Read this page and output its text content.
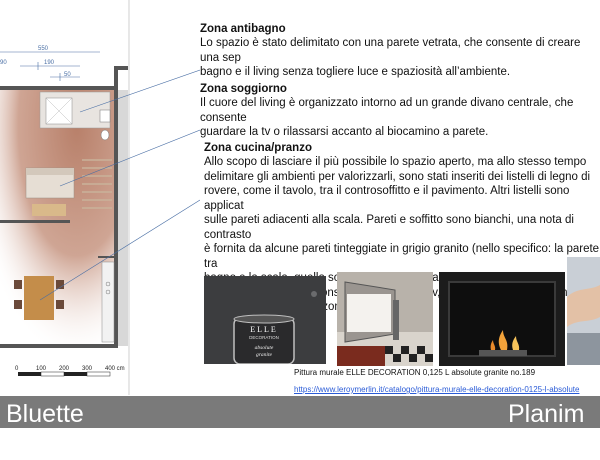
550
190
90
50
0	100 200 300 400 cm
Zona antibagno
Lo spazio è stato delimitato con una parete vetrata, che consente di creare una sep
bagno e il living senza togliere luce e spaziosità all’ambiente.
Zona soggiorno
Il cuore del living è organizzato intorno ad un grande divano centrale, che consente
guardare la tv o rilassarsi accanto al biocamino a parete.
Zona cucina/pranzo
Allo scopo di lasciare il più possibile lo spazio aperto, ma allo stesso tempo
delimitare gli ambienti per valorizzarli, sono stati inseriti dei listelli di legno di
rovere, come il tavolo, tra il controsoffitto e il pavimento. Altri listelli sono applicat
sulle pareti adiacenti alla scala. Pareti e soffitto sono bianchi, una nota di contrasto
è fornita da alcune pareti tinteggiate in grigio granito (nello specifico: la parete tra

tv,
zona
ELLE
DECORATION
absolute
granite
Pittura murale ELLE DECORATION 0,125 L absolute granite no.189
https://www.leroymerlin.it/catalogo/pittura-murale-elle-decoration-0125-l-absolute
Bluette	Planim
